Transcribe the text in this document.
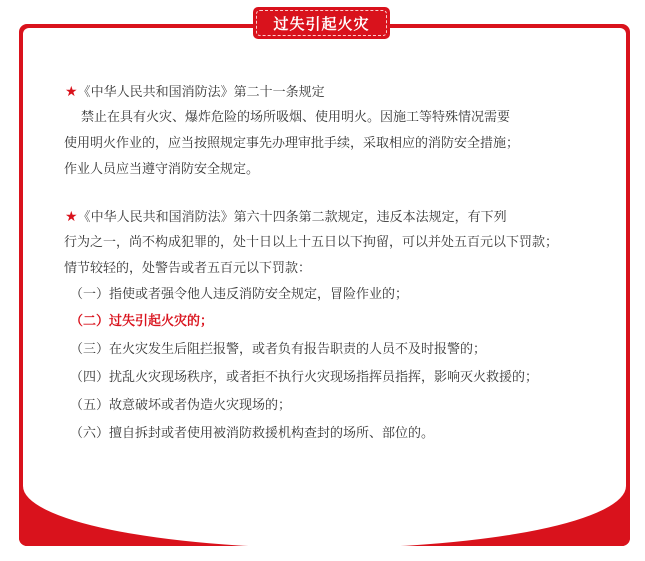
过失引起火灾
★《中华人民共和国消防法》第二十一条规定
禁止在具有火灾、爆炸危险的场所吸烟、使用明火。因施工等特殊情况需要
使用明火作业的，应当按照规定事先办理审批手续，采取相应的消防安全措施；
作业人员应当遵守消防安全规定。
★《中华人民共和国消防法》第六十四条第二款规定，违反本法规定，有下列
行为之一，尚不构成犯罪的，处十日以上十五日以下拘留，可以并处五百元以下罚款；
情节较轻的，处警告或者五百元以下罚款：
（一）指使或者强令他人违反消防安全规定，冒险作业的；
（二）过失引起火灾的；
（三）在火灾发生后阻拦报警，或者负有报告职责的人员不及时报警的；
（四）扰乱火灾现场秩序，或者拒不执行火灾现场指挥员指挥，影响灭火救援的；
（五）故意破坏或者伪造火灾现场的；
（六）擅自拆封或者使用被消防救援机构查封的场所、部位的。
